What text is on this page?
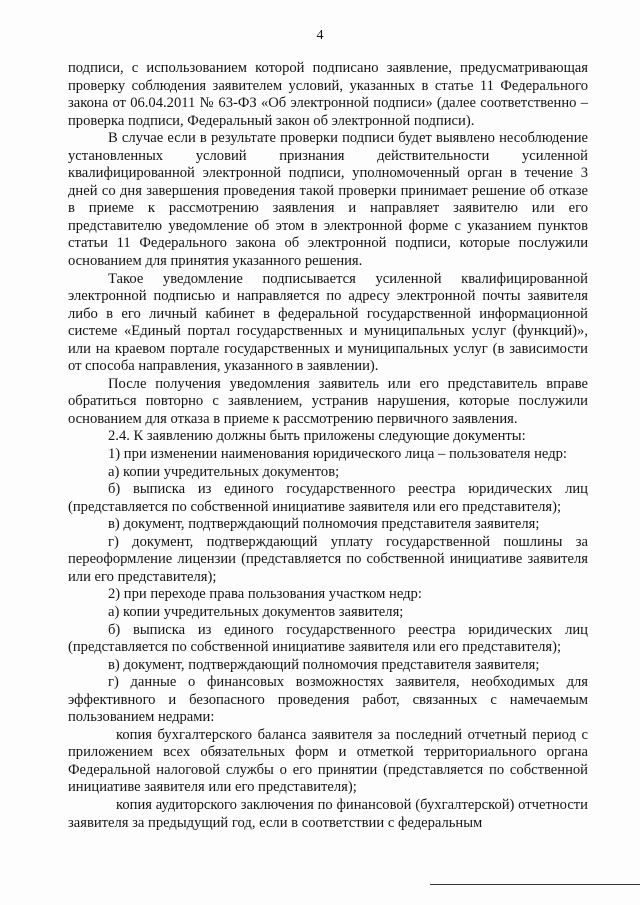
4

подписи, с использованием которой подписано заявление, предусматривающая проверку соблюдения заявителем условий, указанных в статье 11 Федерального закона от 06.04.2011 № 63-ФЗ «Об электронной подписи» (далее соответственно – проверка подписи, Федеральный закон об электронной подписи).

В случае если в результате проверки подписи будет выявлено несоблюдение установленных условий признания действительности усиленной квалифицированной электронной подписи, уполномоченный орган в течение 3 дней со дня завершения проведения такой проверки принимает решение об отказе в приеме к рассмотрению заявления и направляет заявителю или его представителю уведомление об этом в электронной форме с указанием пунктов статьи 11 Федерального закона об электронной подписи, которые послужили основанием для принятия указанного решения.

Такое уведомление подписывается усиленной квалифицированной электронной подписью и направляется по адресу электронной почты заявителя либо в его личный кабинет в федеральной государственной информационной системе «Единый портал государственных и муниципальных услуг (функций)», или на краевом портале государственных и муниципальных услуг (в зависимости от способа направления, указанного в заявлении).

После получения уведомления заявитель или его представитель вправе обратиться повторно с заявлением, устранив нарушения, которые послужили основанием для отказа в приеме к рассмотрению первичного заявления.

2.4. К заявлению должны быть приложены следующие документы:

1) при изменении наименования юридического лица – пользователя недр:

а) копии учредительных документов;

б) выписка из единого государственного реестра юридических лиц (представляется по собственной инициативе заявителя или его представителя);

в) документ, подтверждающий полномочия представителя заявителя;

г) документ, подтверждающий уплату государственной пошлины за переоформление лицензии (представляется по собственной инициативе заявителя или его представителя);

2) при переходе права пользования участком недр:

а) копии учредительных документов заявителя;

б) выписка из единого государственного реестра юридических лиц (представляется по собственной инициативе заявителя или его представителя);

в) документ, подтверждающий полномочия представителя заявителя;

г) данные о финансовых возможностях заявителя, необходимых для эффективного и безопасного проведения работ, связанных с намечаемым пользованием недрами:

копия бухгалтерского баланса заявителя за последний отчетный период с приложением всех обязательных форм и отметкой территориального органа Федеральной налоговой службы о его принятии (представляется по собственной инициативе заявителя или его представителя);

копия аудиторского заключения по финансовой (бухгалтерской) отчетности заявителя за предыдущий год, если в соответствии с федеральным
